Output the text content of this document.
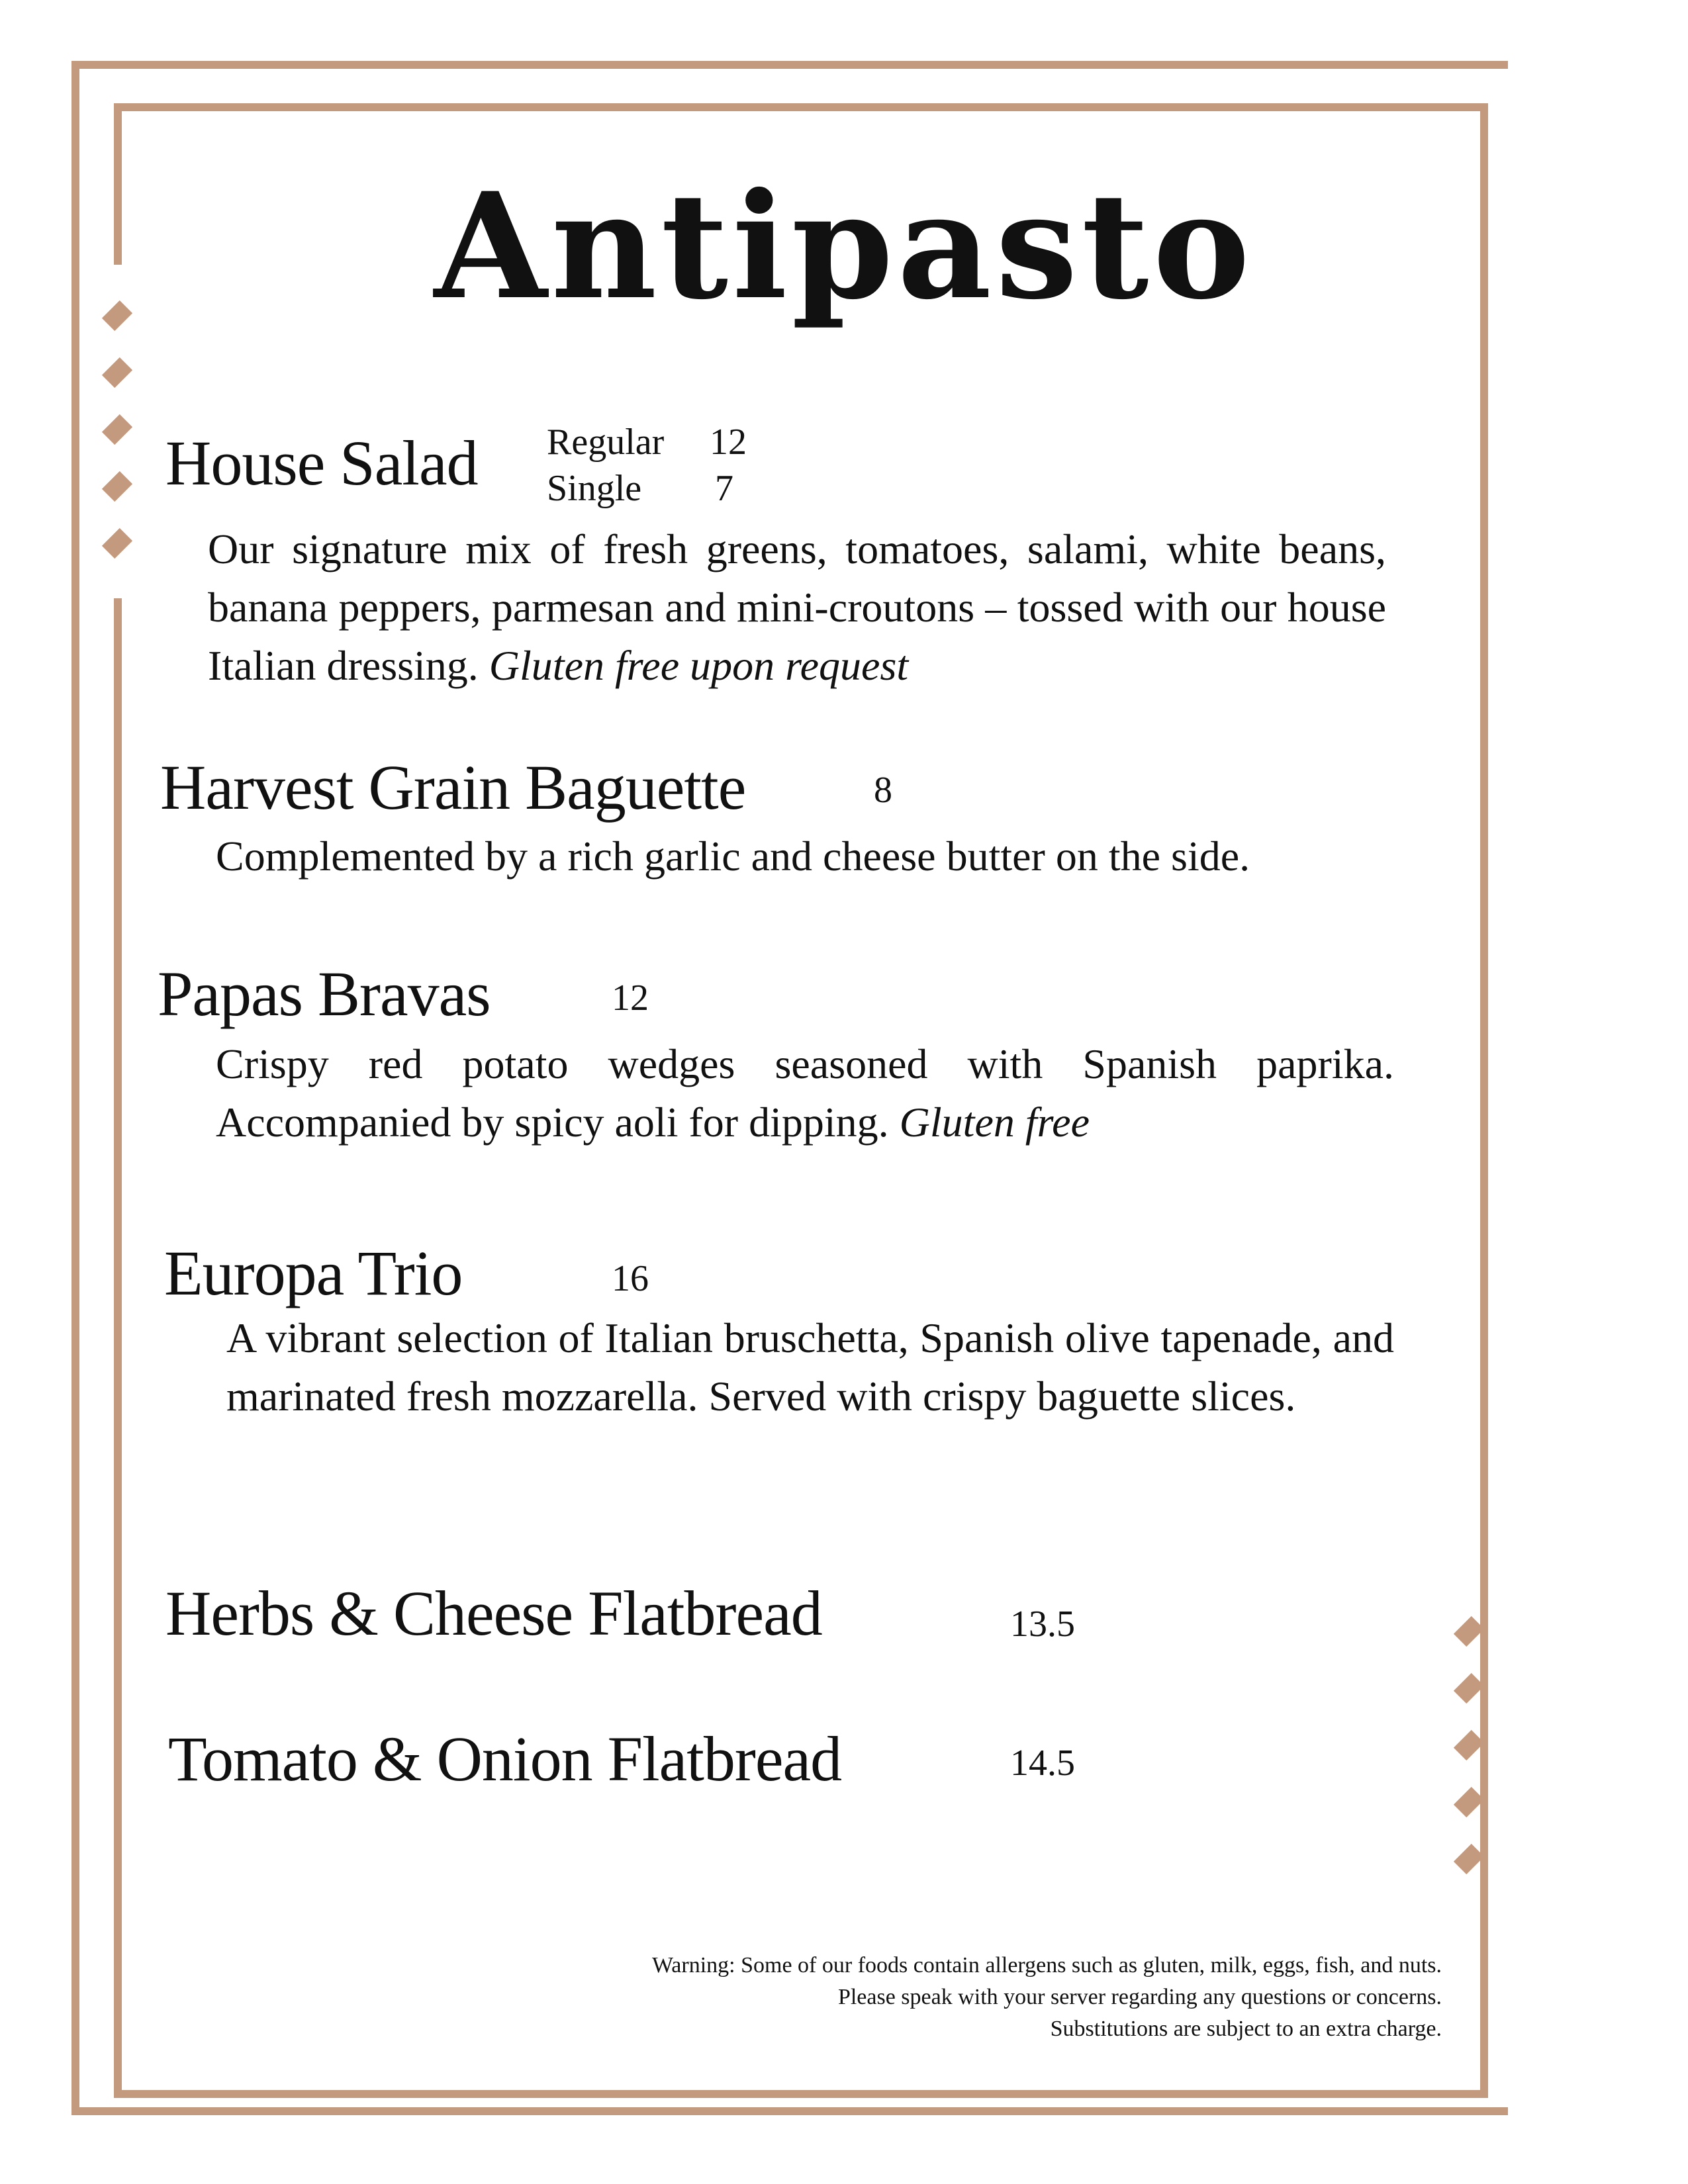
Antipasto
House Salad Regular 12
Single 7
Our signature mix of fresh greens, tomatoes, salami, white beans, banana peppers, parmesan and mini-croutons – tossed with our house Italian dressing. Gluten free upon request
Harvest Grain Baguette	8
Complemented by a rich garlic and cheese butter on the side.
Papas Bravas	12
Crispy red potato wedges seasoned with Spanish paprika. Accompanied by spicy aoli for dipping. Gluten free
Europa Trio	16
A vibrant selection of Italian bruschetta, Spanish olive tapenade, and marinated fresh mozzarella. Served with crispy baguette slices.
Herbs & Cheese Flatbread	13.5
Tomato & Onion Flatbread	14.5
Warning: Some of our foods contain allergens such as gluten, milk, eggs, fish, and nuts.
Please speak with your server regarding any questions or concerns.
Substitutions are subject to an extra charge.
